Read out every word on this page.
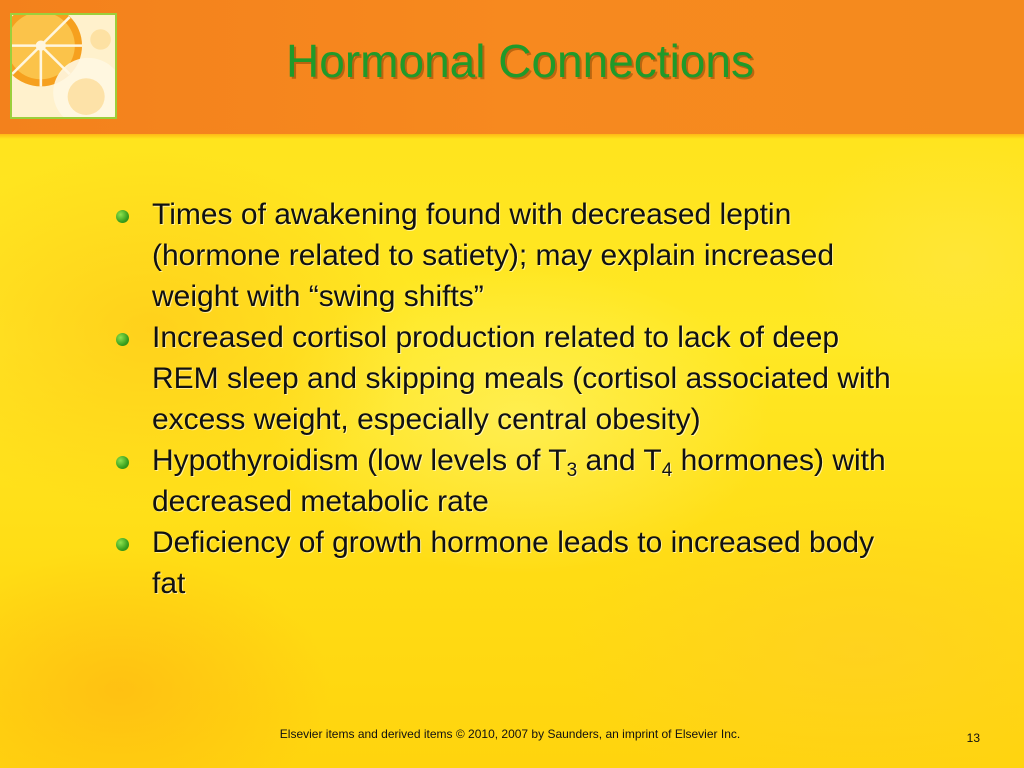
Hormonal Connections
Times of awakening found with decreased leptin (hormone related to satiety); may explain increased weight with “swing shifts”
Increased cortisol production related to lack of deep REM sleep and skipping meals (cortisol associated with excess weight, especially central obesity)
Hypothyroidism (low levels of $T_3$ and $T_4$ hormones) with decreased metabolic rate
Deficiency of growth hormone leads to increased body fat
Elsevier items and derived items © 2010, 2007 by Saunders, an imprint of Elsevier Inc.	13
